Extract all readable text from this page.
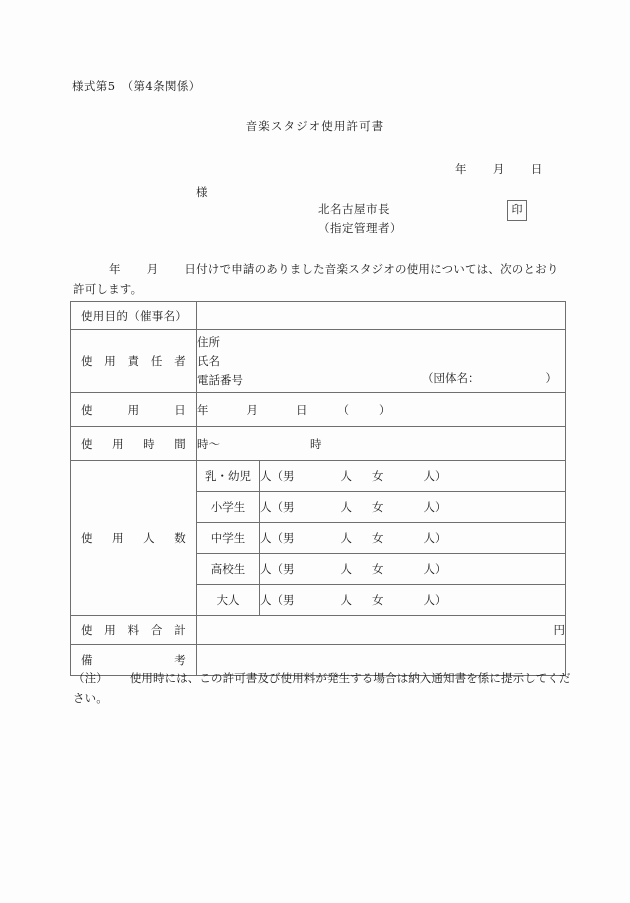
様式第5　（第4条関係）
音楽スタジオ使用許可書
年 月 日
様
北名古屋市長
（指定管理者）
印
年 月 日付けで申請のありました音楽スタジオの使用については、次のとおり許可します。
使用目的（催事名）		

使用責任者	住所
氏名
電話番号 （団体名： ）	

使用日	年 月 日 （ ）	

使用時間	時～ 時	

使用人数	乳・幼児	人（男 人 女 人）
	小学生	人（男 人 女 人）
	中学生	人（男 人 女 人）
	高校生	人（男 人 女 人）
	大人	人（男 人 女 人）

使用料合計	円	

備考		

（注） 使用時には、この許可書及び使用料が発生する場合は納入通知書を係に提示してください。
